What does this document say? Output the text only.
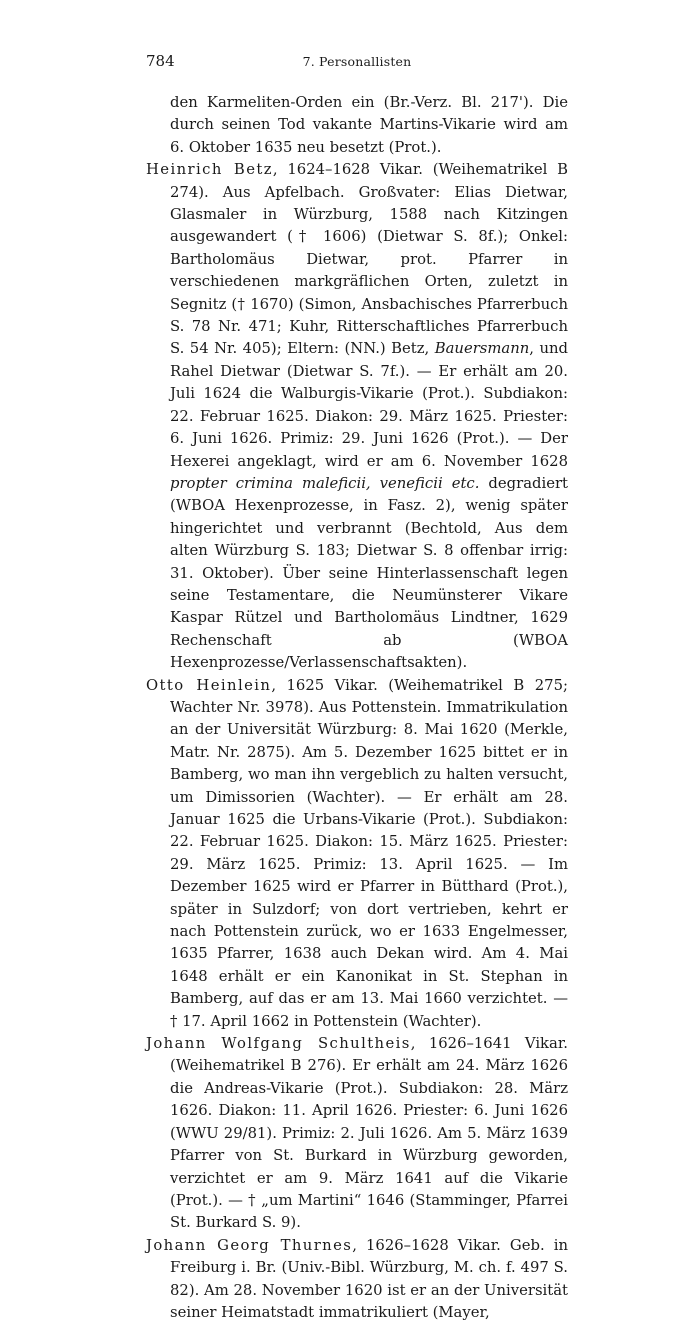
784	7. Personallisten

den Karmeliten-Orden ein (Br.-Verz. Bl. 217'). Die durch seinen Tod vakante Martins-Vikarie wird am 6. Oktober 1635 neu besetzt (Prot.).

Heinrich Betz, 1624–1628 Vikar. (Weihematrikel B 274). Aus Apfelbach. Großvater: Elias Dietwar, Glasmaler in Würzburg, 1588 nach Kitzingen ausgewandert († 1606) (Dietwar S. 8f.); Onkel: Bartholomäus Dietwar, prot. Pfarrer in verschiedenen markgräflichen Orten, zuletzt in Segnitz († 1670) (Simon, Ansbachisches Pfarrerbuch S. 78 Nr. 471; Kuhr, Ritterschaftliches Pfarrerbuch S. 54 Nr. 405); Eltern: (NN.) Betz, Bauersmann, und Rahel Dietwar (Dietwar S. 7f.). — Er erhält am 20. Juli 1624 die Walburgis-Vikarie (Prot.). Subdiakon: 22. Februar 1625. Diakon: 29. März 1625. Priester: 6. Juni 1626. Primiz: 29. Juni 1626 (Prot.). — Der Hexerei angeklagt, wird er am 6. November 1628 propter crimina maleficii, veneficii etc. degradiert (WBOA Hexenprozesse, in Fasz. 2), wenig später hingerichtet und verbrannt (Bechtold, Aus dem alten Würzburg S. 183; Dietwar S. 8 offenbar irrig: 31. Oktober). Über seine Hinterlassenschaft legen seine Testamentare, die Neumünsterer Vikare Kaspar Rützel und Bartholomäus Lindtner, 1629 Rechenschaft ab (WBOA Hexenprozesse/Verlassenschaftsakten).

Otto Heinlein, 1625 Vikar. (Weihematrikel B 275; Wachter Nr. 3978). Aus Pottenstein. Immatrikulation an der Universität Würzburg: 8. Mai 1620 (Merkle, Matr. Nr. 2875). Am 5. Dezember 1625 bittet er in Bamberg, wo man ihn vergeblich zu halten versucht, um Dimissorien (Wachter). — Er erhält am 28. Januar 1625 die Urbans-Vikarie (Prot.). Subdiakon: 22. Februar 1625. Diakon: 15. März 1625. Priester: 29. März 1625. Primiz: 13. April 1625. — Im Dezember 1625 wird er Pfarrer in Bütthard (Prot.), später in Sulzdorf; von dort vertrieben, kehrt er nach Pottenstein zurück, wo er 1633 Engelmesser, 1635 Pfarrer, 1638 auch Dekan wird. Am 4. Mai 1648 erhält er ein Kanonikat in St. Stephan in Bamberg, auf das er am 13. Mai 1660 verzichtet. — † 17. April 1662 in Pottenstein (Wachter).

Johann Wolfgang Schultheis, 1626–1641 Vikar. (Weihematrikel B 276). Er erhält am 24. März 1626 die Andreas-Vikarie (Prot.). Subdiakon: 28. März 1626. Diakon: 11. April 1626. Priester: 6. Juni 1626 (WWU 29/81). Primiz: 2. Juli 1626. Am 5. März 1639 Pfarrer von St. Burkard in Würzburg geworden, verzichtet er am 9. März 1641 auf die Vikarie (Prot.). — † „um Martini“ 1646 (Stamminger, Pfarrei St. Burkard S. 9).

Johann Georg Thurnes, 1626–1628 Vikar. Geb. in Freiburg i. Br. (Univ.-Bibl. Würzburg, M. ch. f. 497 S. 82). Am 28. November 1620 ist er an der Universität seiner Heimatstadt immatrikuliert (Mayer,
